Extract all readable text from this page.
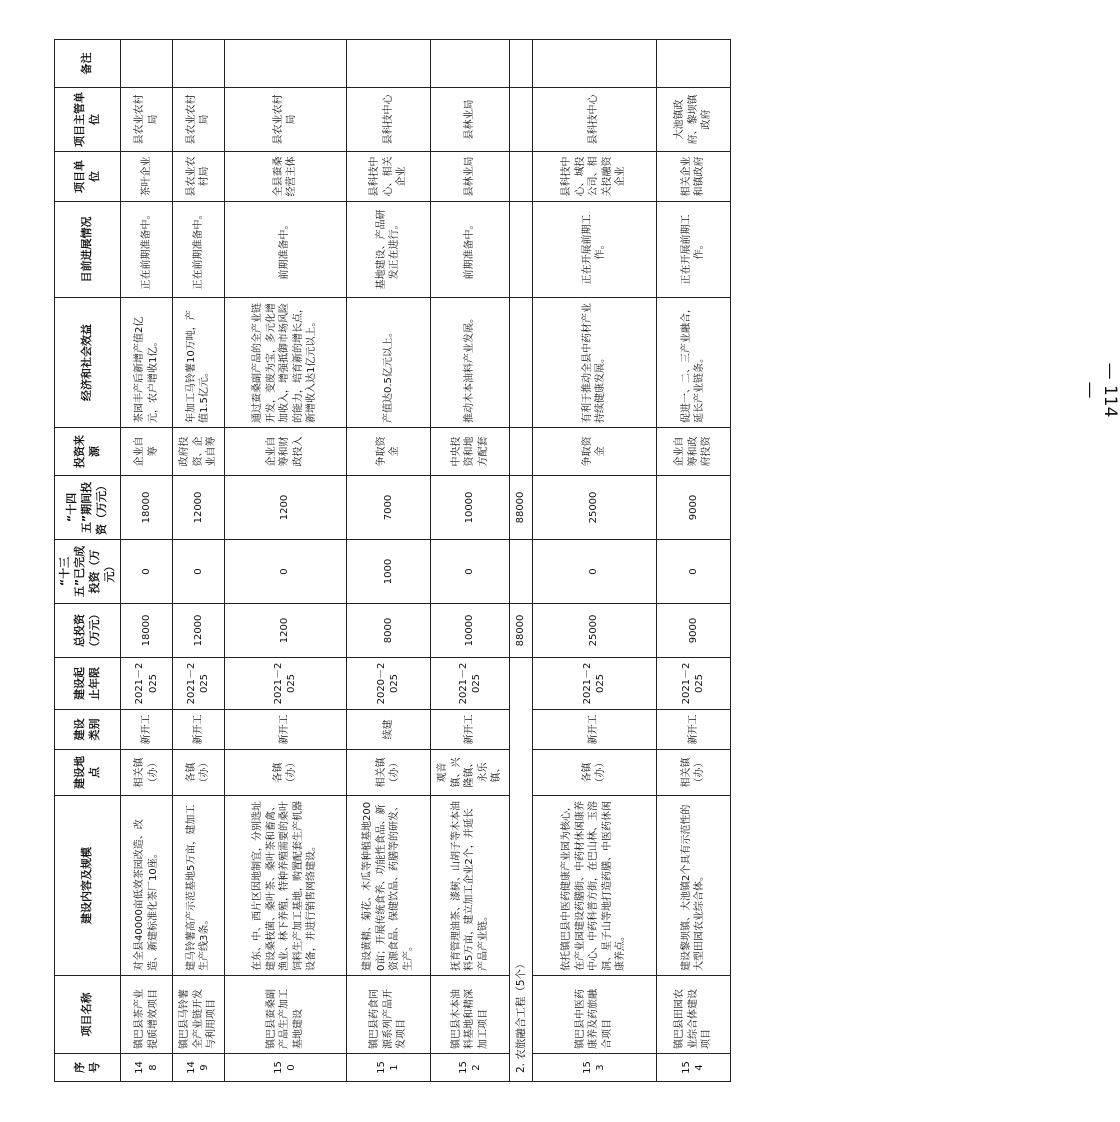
序号	项目名称	建设内容及规模	建设地点	建设类别	建设起止年限	总投资（万元）	“十三五”已完成投资（万元）	“十四五”期间投资（万元）	投资来源	经济和社会效益	目前进展情况	项目单位	项目主管单位	备注
148	镇巴县茶产业提质增效项目	对全县40000亩低效茶园改造、改造、新建标准化茶厂10座。	相关镇（办）	新开工	2021－2025	18000	0	18000	企业自筹	茶园丰产后新增产值2亿元，农户增收1亿。	正在前期准备中。	茶叶企业	县农业农村局	
149	镇巴县马铃薯全产业链开发与利用项目	建马铃薯高产示范基地5万亩，建加工生产线3条。	各镇（办）	新开工	2021－2025	12000	0	12000	政府投资、企业自筹	年加工马铃薯10万吨，产值1.5亿元。	正在前期准备中。	县农业农村局	县农业农村局	
150	镇巴县蚕桑副产品生产加工基地建设	在东、中、西片区因地制宜，分别选址建设桑枝菌、桑叶茶、桑叶茶和畜禽、渔业、林下养殖，特种养殖需要的桑叶饲料生产加工基地，购置配套生产机器设备，并进行销售网络建设。	各镇（办）	新开工	2021－2025	1200	0	1200	企业自筹和财政投入	通过蚕桑副产品的全产业链开发，变废为宝，多元化增加收入，增强抵御市场风险的能力，培育新的增长点，新增收入达1亿元以上。	前期准备中。	全县蚕桑经营主体	县农业农村局	
151	镇巴县药食同源系列产品开发项目	建设黄精、菊花、木瓜等种植基地2000亩；开展传统食养、功能性食品、新资源食品、保健饮品、药膳等的研发、生产。	相关镇（办）	续建	2020－2025	8000	1000	7000	争取资金	产值达0.5亿元以上。	基地建设、产品研发正在进行。	县科技中心、相关企业	县科技中心	
152	镇巴县木本油料基地和精深加工项目	抚育管理油茶、漆树、山胡子等木本油料5万亩，建立加工企业2个，并延长产品产业链。	观音镇、兴隆镇、永乐镇、	新开工	2021－2025	10000	0	10000	中央投资和地方配套	推动木本油料产业发展。	前期准备中。	县林业局	县林业局	
2. 农旅融合工程（5个）						88000		88000						
153	镇巴县中医药康养及药旅融合项目	依托镇巴县中医药健康产业园为核心，在产业园建设药膳街、中药材休闲康养中心、中药科普方街，在巴山林、玉溶洞、星子山等地打造药膳、中医药休闲康养点。	各镇（办）	新开工	2021－2025	25000	0	25000	争取资金	有利于推动全县中药材产业持续健康发展。	正在开展前期工作。	县科技中心、城投公司、相关投融资企业	县科技中心	
154	镇巴县田园农业综合体建设项目	建设黎坝镇、大池镇2个具有示范性的大型田园农业综合体。	相关镇（办）	新开工	2021－2025	9000	0	9000	企业自筹和政府投资	促进一、二、三产业融合，延长产业链条。	正在开展前期工作。	相关企业和镇政府	大池镇政府、黎坝镇政府	
— 114 —
